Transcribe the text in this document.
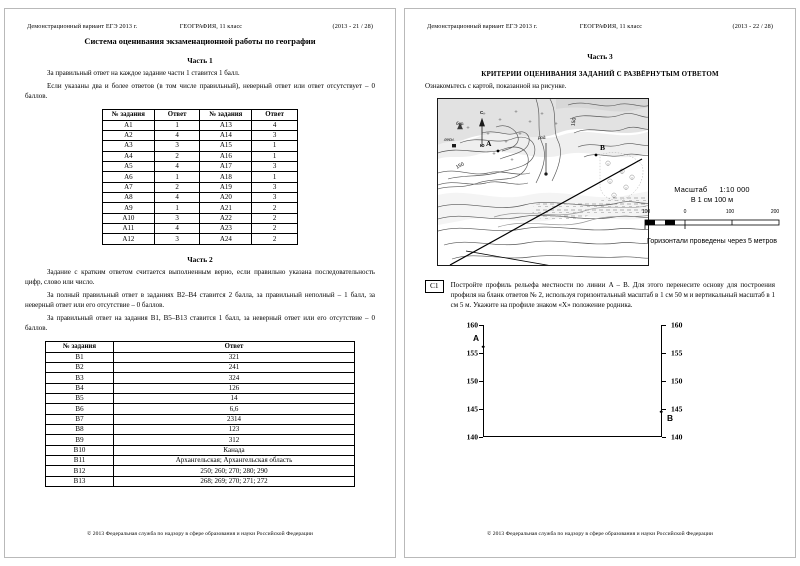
Демонстрационный вариант ЕГЭ 2013 г.	ГЕОГРАФИЯ, 11 класс	(2013 - 21 / 28)
Система оценивания экзаменационной работы по географии
Часть 1

За правильный ответ на каждое задание части 1 ставится 1 балл.

Если указаны два и более ответов (в том числе правильный), неверный ответ или ответ отсутствует – 0 баллов.

№ задания	Ответ	№ задания	Ответ
A1	1	A13	4
A2	4	A14	3
A3	3	A15	1
A4	2	A16	1
A5	4	A17	3
A6	1	A18	1
A7	2	A19	3
A8	4	A20	3
A9	1	A21	2
A10	3	A22	2
A11	4	A23	2
A12	3	A24	2
Часть 2

Задание с кратким ответом считается выполненным верно, если правильно указана последовательность цифр, слово или число.

За полный правильный ответ в заданиях B2–B4 ставится 2 балла, за правильный неполный – 1 балл, за неверный ответ или его отсутствие – 0 баллов.

За правильный ответ на задания B1, B5–B13 ставится 1 балл, за неверный ответ или его отсутствие – 0 баллов.

№ задания	Ответ
B1	321
B2	241
B3	324
B4	126
B5	14
B6	6,6
B7	2314
B8	123
B9	312
B10	Канада
B11	Архангельская; Архангельская область
B12	250; 260; 270; 280; 290
B13	268; 269; 270; 271; 272
© 2013 Федеральная служба по надзору в сфере образования и науки Российской Федерации
Демонстрационный вариант ЕГЭ 2013 г.	ГЕОГРАФИЯ, 11 класс	(2013 - 22 / 28)
Часть 3
КРИТЕРИИ ОЦЕНИВАНИЯ ЗАДАНИЙ С РАЗВЁРНУТЫМ ОТВЕТОМ

Ознакомьтесь с картой, показанной на рисунке.

A	B
С
Ю
бер.
лесн.	род.
150
150
Масштаб 1:10 000
В 1 см 100 м
100	0	100	200
Горизонтали проведены через 5 метров
C1	Постройте профиль рельефа местности по линии A – B. Для этого перенесите основу для построения профиля на бланк ответов № 2, используя горизонтальный масштаб в 1 см 50 м и вертикальный масштаб в 1 см 5 м. Укажите на профиле знаком «X» положение родника.
140	140
145	145
150	150
155	155
160	160
A
B
© 2013 Федеральная служба по надзору в сфере образования и науки Российской Федерации
